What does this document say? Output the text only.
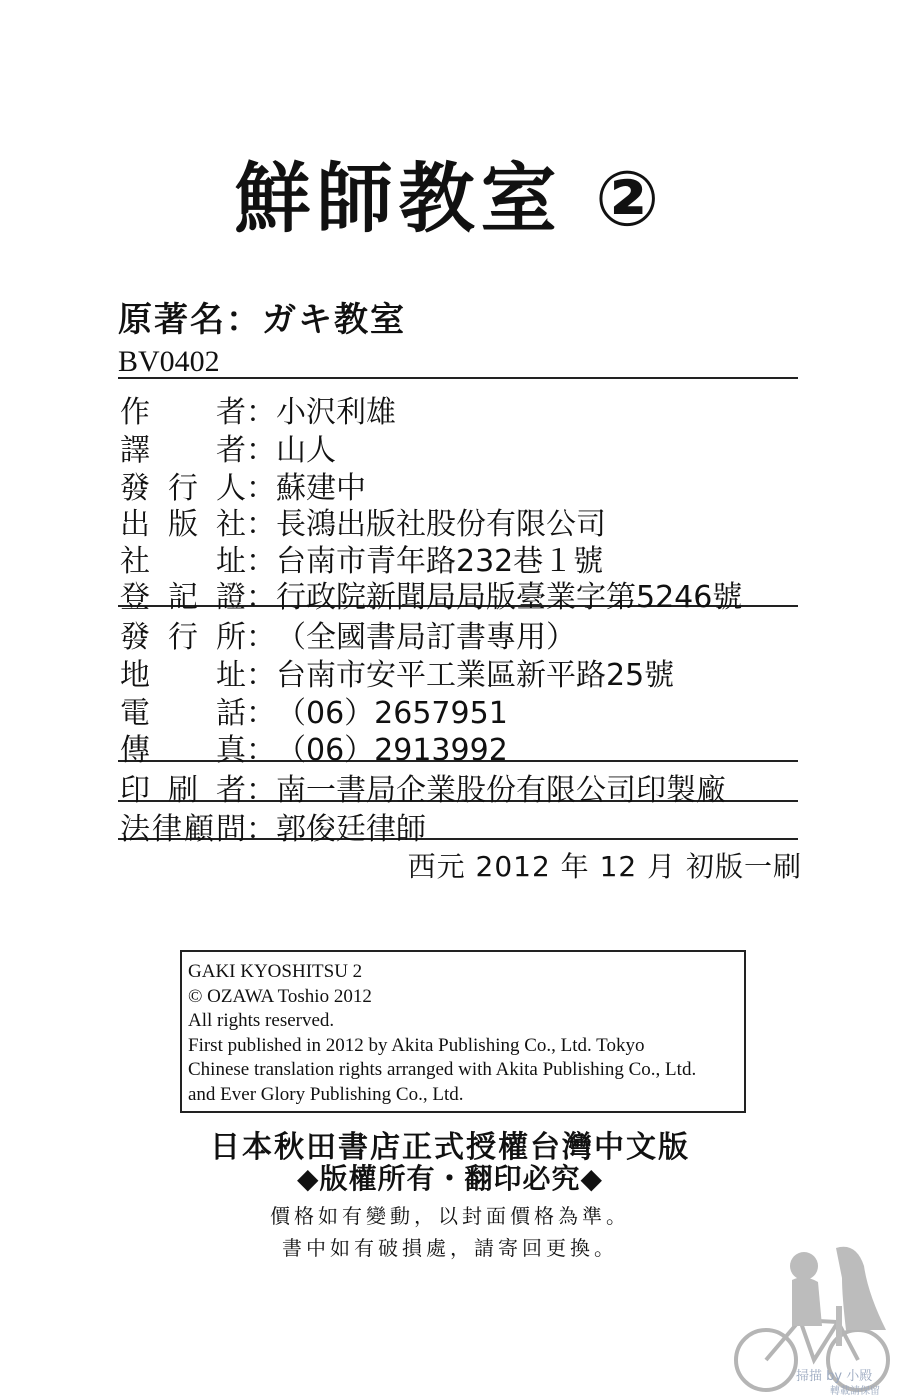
鮮師教室 ②
原著名：ガキ教室
BV0402
作 者 ： 小沢利雄
譯 者 ： 山人
發 行 人 ： 蘇建中
出 版 社 ： 長鴻出版社股份有限公司
社 址 ： 台南市青年路232巷１號
登 記 證 ： 行政院新聞局局版臺業字第5246號
發 行 所 ： （全國書局訂書專用）
地 址 ： 台南市安平工業區新平路25號
電 話 ： （06）2657951
傳 真 ： （06）2913992
印 刷 者 ： 南一書局企業股份有限公司印製廠
法 律 顧 問 ： 郭俊廷律師
西元 2012 年 12 月 初版一刷
GAKI KYOSHITSU 2
© OZAWA Toshio 2012
All rights reserved.
First published in 2012 by Akita Publishing Co., Ltd. Tokyo
Chinese translation rights arranged with Akita Publishing Co., Ltd.
and Ever Glory Publishing Co., Ltd.
日本秋田書店正式授權台灣中文版
◆版權所有・翻印必究◆
價格如有變動，以封面價格為準。
書中如有破損處，請寄回更換。
掃描 by 小殿
轉載請保留
